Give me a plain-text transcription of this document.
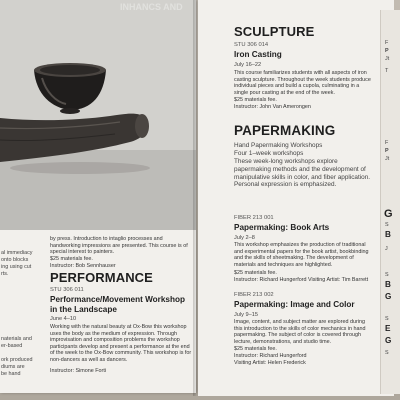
INHANCS AND
al immediacy
onto blocks
ing using cut
rts.
naterials and
er-based
ork produced
diums are
be hand
by press. Introduction to intaglio processes and handworking impressions are presented. This course is of special interest to painters.
$25 materials fee.
Instructor: Bob Sennhauser
PERFORMANCE
STU 306 011
Performance/Movement Workshop in the Landscape
June 4–10
Working with the natural beauty at Ox-Bow this workshop uses the body as the medium of expression. Through improvisation and composition problems the workshop participants develop and present a performance at the end of the week to the Ox-Bow community. This workshop is for non-dancers as well as dancers.
Instructor: Simone Forti
SCULPTURE
STU 306 014
Iron Casting
July 16–22
This course familiarizes students with all aspects of iron casting sculpture. Throughout the week students produce individual pieces and build a cupola, culminating in a single pour casting at the end of the week.
$25 materials fee.
Instructor: John Van Amerongen
PAPERMAKING
Hand Papermaking Workshops
Four 1–week workshops
These week-long workshops explore papermaking methods and the development of manipulative skills in color, and fiber application. Personal expression is emphasized.
FIBER 213 001
Papermaking: Book Arts
July 2–8
This workshop emphasizes the production of traditional and experimental papers for the book artist, bookbinding and the skills of sheetmaking. The development of materials and techniques are highlighted.
$25 materials fee.
Instructor: Richard Hungerford Visiting Artist: Tim Barrett
FIBER 213 002
Papermaking: Image and Color
July 9–15
Image, content, and subject matter are explored during this introduction to the skills of color mechanics in hand papermaking. The subject of color is covered through lecture, demonstrations, and studio time.
$25 materials fee.
Instructor: Richard Hungerford
Visiting Artist: Helen Frederick
F
P
Jt
T
F
P
Jt
G
S
B
J
S
B
G
S
E
G
S
